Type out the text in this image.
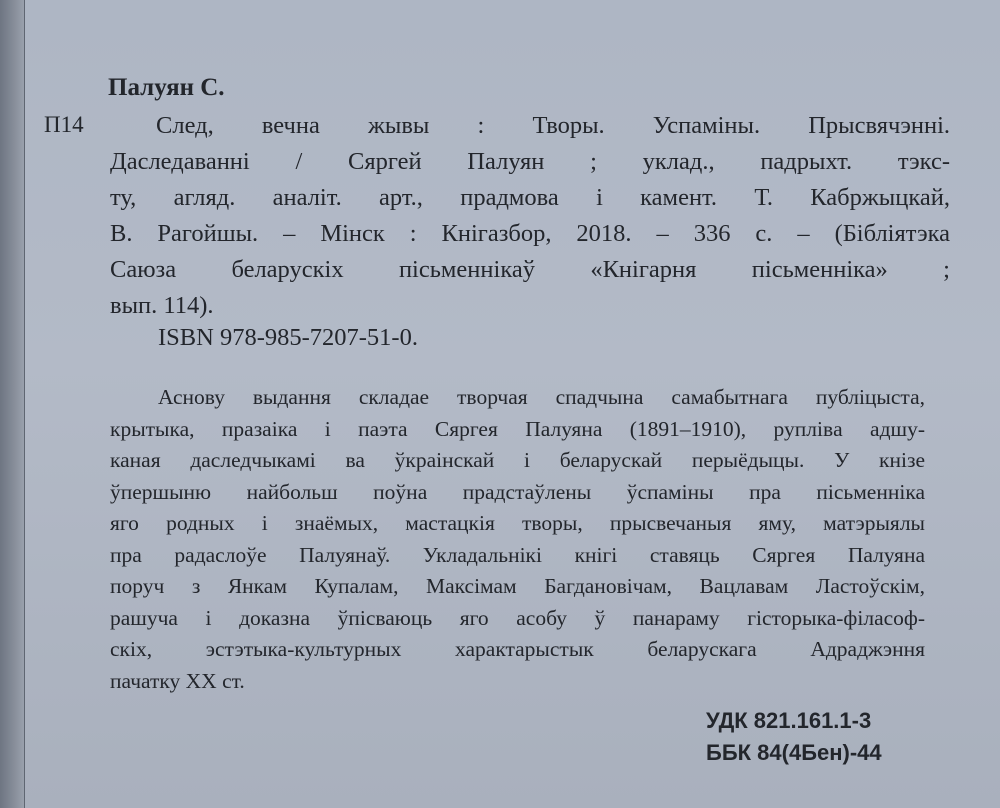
Палуян С.
П14	След, вечна жывы : Творы. Успаміны. Прысвячэнні.
Даследаванні / Сяргей Палуян ; уклад., падрыхт. тэкс-
ту, агляд. аналіт. арт., прадмова і камент. Т. Кабржыцкай,
В. Рагойшы. – Мінск : Кнігазбор, 2018. – 336 с. – (Бібліятэка
Саюза беларускіх пісьменнікаў «Кнігарня пісьменніка» ;
вып. 114).
ISBN 978-985-7207-51-0.
Аснову выдання складае творчая спадчына самабытнага публіцыста,
крытыка, празаіка і паэта Сяргея Палуяна (1891–1910), руплівa адшу-
каная даследчыкамі ва ўкраінскай і беларускай перыёдыцы. У кнізе
ўпершыню найбольш поўна прадстаўлены ўспаміны пра пісьменніка
яго родных і знаёмых, мастацкія творы, прысвечаныя яму, матэрыялы
пра радаслоўе Палуянаў. Укладальнікі кнігі ставяць Сяргея Палуяна
поруч з Янкам Купалам, Максімам Багдановічам, Вацлавам Ластоўскім,
рашуча і доказна ўпісваюць яго асобу ў панараму гісторыка-філасоф-
скіх, эстэтыка-культурных характарыстык беларускага Адраджэння
пачатку XX ст.
УДК 821.161.1-3
ББК 84(4Бен)-44
